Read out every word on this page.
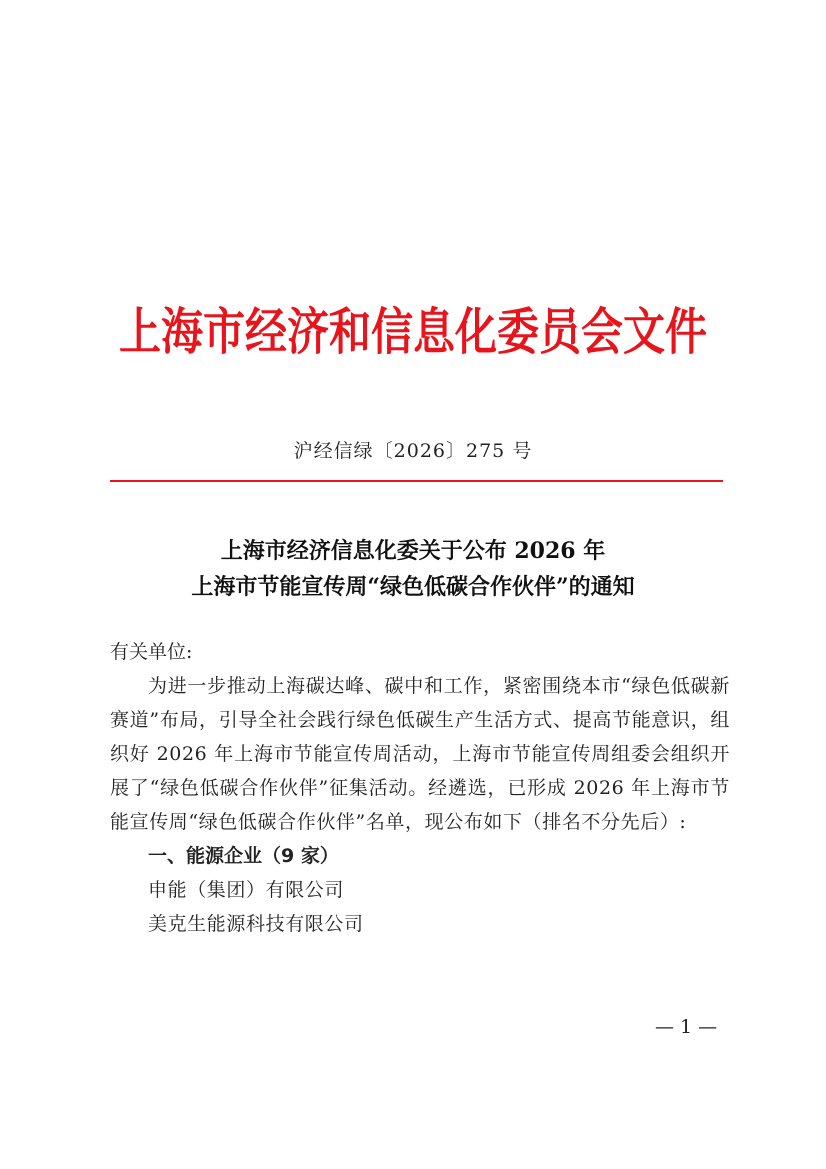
上海市经济和信息化委员会文件
沪经信绿〔2026〕275 号
上海市经济信息化委关于公布 2026 年
上海市节能宣传周“绿色低碳合作伙伴”的通知
有关单位:
为进一步推动上海碳达峰、碳中和工作，紧密围绕本市“绿色低碳新赛道”布局，引导全社会践行绿色低碳生产生活方式、提高节能意识，组织好 2026 年上海市节能宣传周活动，上海市节能宣传周组委会组织开展了“绿色低碳合作伙伴”征集活动。经遴选，已形成 2026 年上海市节能宣传周“绿色低碳合作伙伴”名单，现公布如下（排名不分先后）:
一、能源企业（9 家）
申能（集团）有限公司
美克生能源科技有限公司
— 1 —
